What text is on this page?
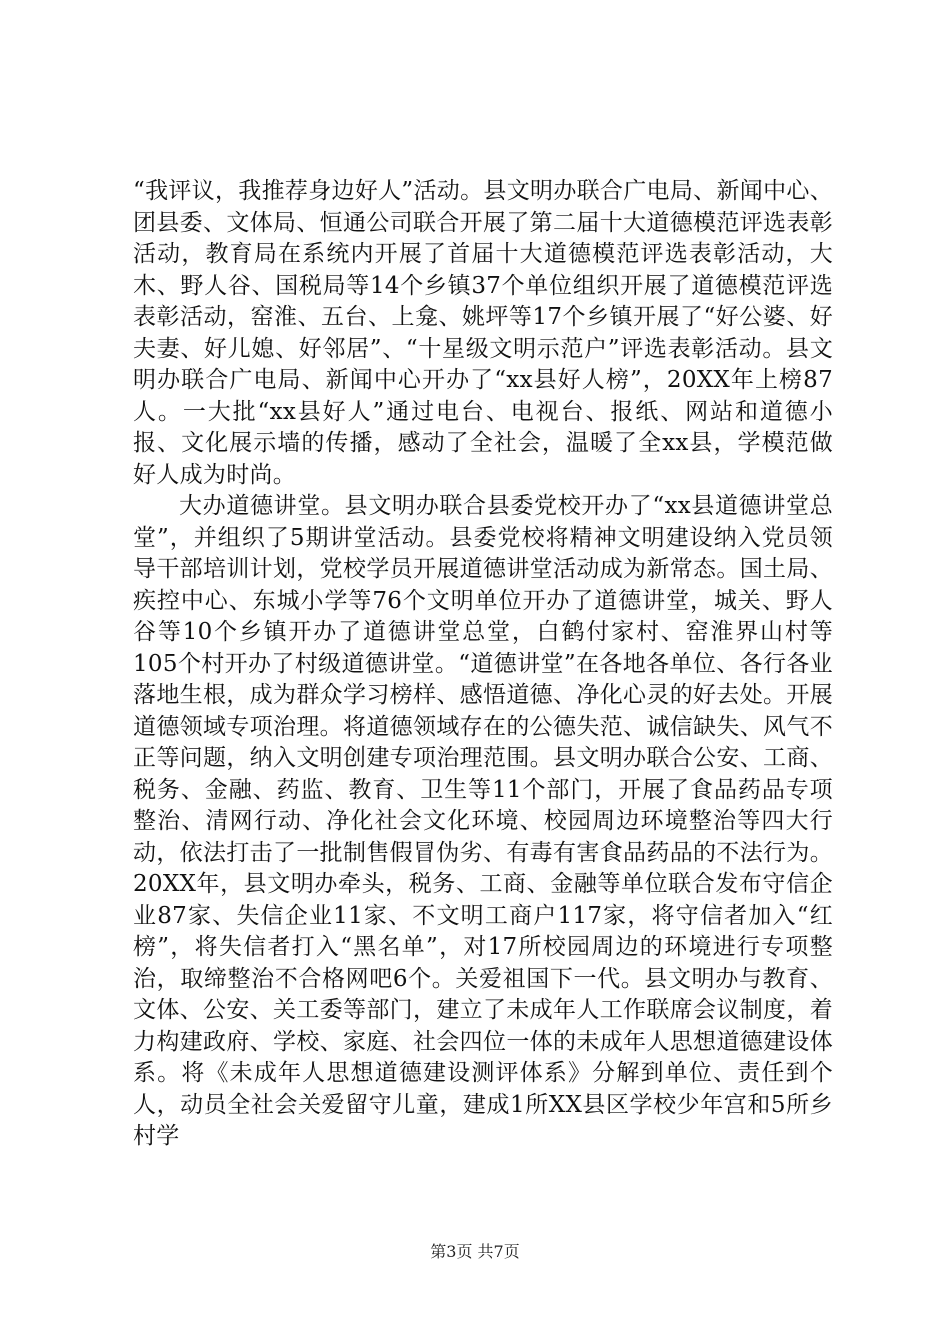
“我评议，我推荐身边好人”活动。县文明办联合广电局、新闻中心、团县委、文体局、恒通公司联合开展了第二届十大道德模范评选表彰活动，教育局在系统内开展了首届十大道德模范评选表彰活动，大木、野人谷、国税局等14个乡镇37个单位组织开展了道德模范评选表彰活动，窑淮、五台、上龛、姚坪等17个乡镇开展了“好公婆、好夫妻、好儿媳、好邻居”、“十星级文明示范户”评选表彰活动。县文明办联合广电局、新闻中心开办了“xx县好人榜”，20XX年上榜87人。一大批“xx县好人”通过电台、电视台、报纸、网站和道德小报、文化展示墙的传播，感动了全社会，温暖了全xx县，学模范做好人成为时尚。

大办道德讲堂。县文明办联合县委党校开办了“xx县道德讲堂总堂”，并组织了5期讲堂活动。县委党校将精神文明建设纳入党员领导干部培训计划，党校学员开展道德讲堂活动成为新常态。国土局、疾控中心、东城小学等76个文明单位开办了道德讲堂，城关、野人谷等10个乡镇开办了道德讲堂总堂，白鹤付家村、窑淮界山村等105个村开办了村级道德讲堂。“道德讲堂”在各地各单位、各行各业落地生根，成为群众学习榜样、感悟道德、净化心灵的好去处。开展道德领域专项治理。将道德领域存在的公德失范、诚信缺失、风气不正等问题，纳入文明创建专项治理范围。县文明办联合公安、工商、税务、金融、药监、教育、卫生等11个部门，开展了食品药品专项整治、清网行动、净化社会文化环境、校园周边环境整治等四大行动，依法打击了一批制售假冒伪劣、有毒有害食品药品的不法行为。20XX年，县文明办牵头，税务、工商、金融等单位联合发布守信企业87家、失信企业11家、不文明工商户117家，将守信者加入“红榜”，将失信者打入“黑名单”，对17所校园周边的环境进行专项整治，取缔整治不合格网吧6个。关爱祖国下一代。县文明办与教育、文体、公安、关工委等部门，建立了未成年人工作联席会议制度，着力构建政府、学校、家庭、社会四位一体的未成年人思想道德建设体系。将《未成年人思想道德建设测评体系》分解到单位、责任到个人，动员全社会关爱留守儿童，建成1所XX县区学校少年宫和5所乡村学

第3页 共7页
